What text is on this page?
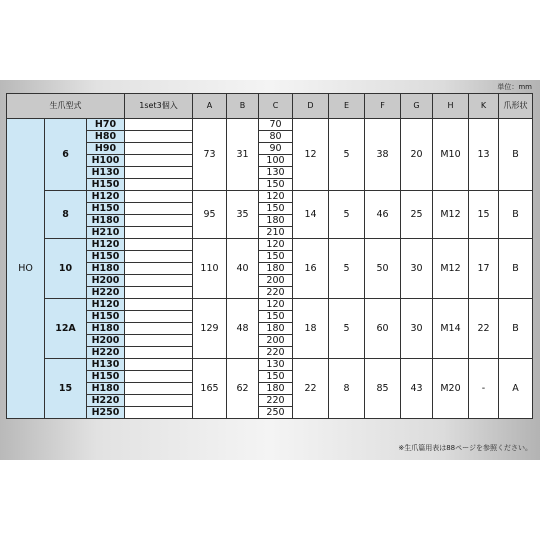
単位：mm
生爪型式			1set3個入	A	B	C	D	E	F	G	H	K	爪形状
HO	6	H70		73	31	70	12	5	38	20	M10	13	B
		H80				80							
		H90				90							
		H100				100							
		H130				130							
		H150				150							
	8	H120		95	35	120	14	5	46	25	M12	15	B
		H150				150							
		H180				180							
		H210				210							
	10	H120		110	40	120	16	5	50	30	M12	17	B
		H150				150							
		H180				180							
		H200				200							
		H220				220							
	12A	H120		129	48	120	18	5	60	30	M14	22	B
		H150				150							
		H180				180							
		H200				200							
		H220				220							
	15	H130		165	62	130	22	8	85	43	M20	-	A
		H150				150							
		H180				180							
		H220				220							
		H250				250							
※生爪篇用表は88ページを参照ください。
